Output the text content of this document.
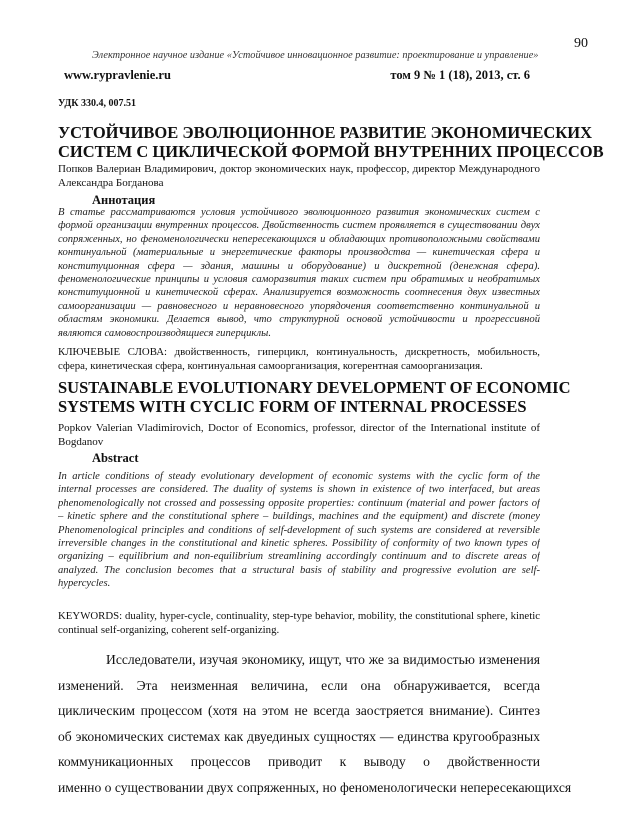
90
Электронное научное издание «Устойчивое инновационное развитие: проектирование и управление»
www.rypravlenie.ru	том 9 № 1 (18), 2013, ст. 6
УДК 330.4, 007.51
УСТОЙЧИВОЕ ЭВОЛЮЦИОННОЕ РАЗВИТИЕ ЭКОНОМИЧЕСКИХ
СИСТЕМ С ЦИКЛИЧЕСКОЙ ФОРМОЙ ВНУТРЕННИХ ПРОЦЕССОВ
Попков Валериан Владимирович, доктор экономических наук, профессор, директор Международного
Александра Богданова
Аннотация
В статье рассматриваются условия устойчивого эволюционного развития экономических систем с
формой организации внутренних процессов. Двойственность систем проявляется в существовании двух
сопряженных, но феноменологически непересекающихся и обладающих противоположными свойствами
континуальной (материальные и энергетические факторы производства — кинетическая сфера и
конституционная сфера — здания, машины и оборудование) и дискретной (денежная сфера).
феноменологические принципы и условия саморазвития таких систем при обратимых и необратимых
конституционной и кинетической сферах. Анализируется возможность соотнесения двух известных
самоорганизации — равновесного и неравновесного упорядочения соответственно континуальной и
областям экономики. Делается вывод, что структурной основой устойчивости и прогрессивной
являются самовоспроизводящиеся гиперциклы.
КЛЮЧЕВЫЕ СЛОВА: двойственность, гиперцикл, континуальность, дискретность, мобильность,
сфера, кинетическая сфера, континуальная самоорганизация, когерентная самоорганизация.
SUSTAINABLE EVOLUTIONARY DEVELOPMENT OF ECONOMIC
SYSTEMS WITH CYCLIC FORM OF INTERNAL PROCESSES
Popkov Valerian Vladimirovich, Doctor of Economics, professor, director of the International institute of
Bogdanov
Abstract
In article conditions of steady evolutionary development of economic systems with the cyclic form of the
internal processes are considered. The duality of systems is shown in existence of two interfaced, but areas
phenomenologically not crossed and possessing opposite properties: continuum (material and power factors of
– kinetic sphere and the constitutional sphere – buildings, machines and the equipment) and discrete (money
Phenomenological principles and conditions of self-development of such systems are considered at reversible
irreversible changes in the constitutional and kinetic spheres. Possibility of conformity of two known types of
organizing – equilibrium and non-equilibrium streamlining accordingly continuum and to discrete areas of
analyzed. The conclusion becomes that a structural basis of stability and progressive evolution are self-
hypercycles.
KEYWORDS: duality, hyper-cycle, continuality, step-type behavior, mobility, the constitutional sphere, kinetic
continual self-organizing, coherent self-organizing.
Исследователи, изучая экономику, ищут, что же за видимостью изменения
изменений. Эта неизменная величина, если она обнаруживается, всегда
циклическим процессом (хотя на этом не всегда заостряется внимание). Синтез
об экономических системах как двуединых сущностях — единства кругообразных
коммуникационных процессов приводит к выводу о двойственности
именно о существовании двух сопряженных, но феноменологически непересекающихся
